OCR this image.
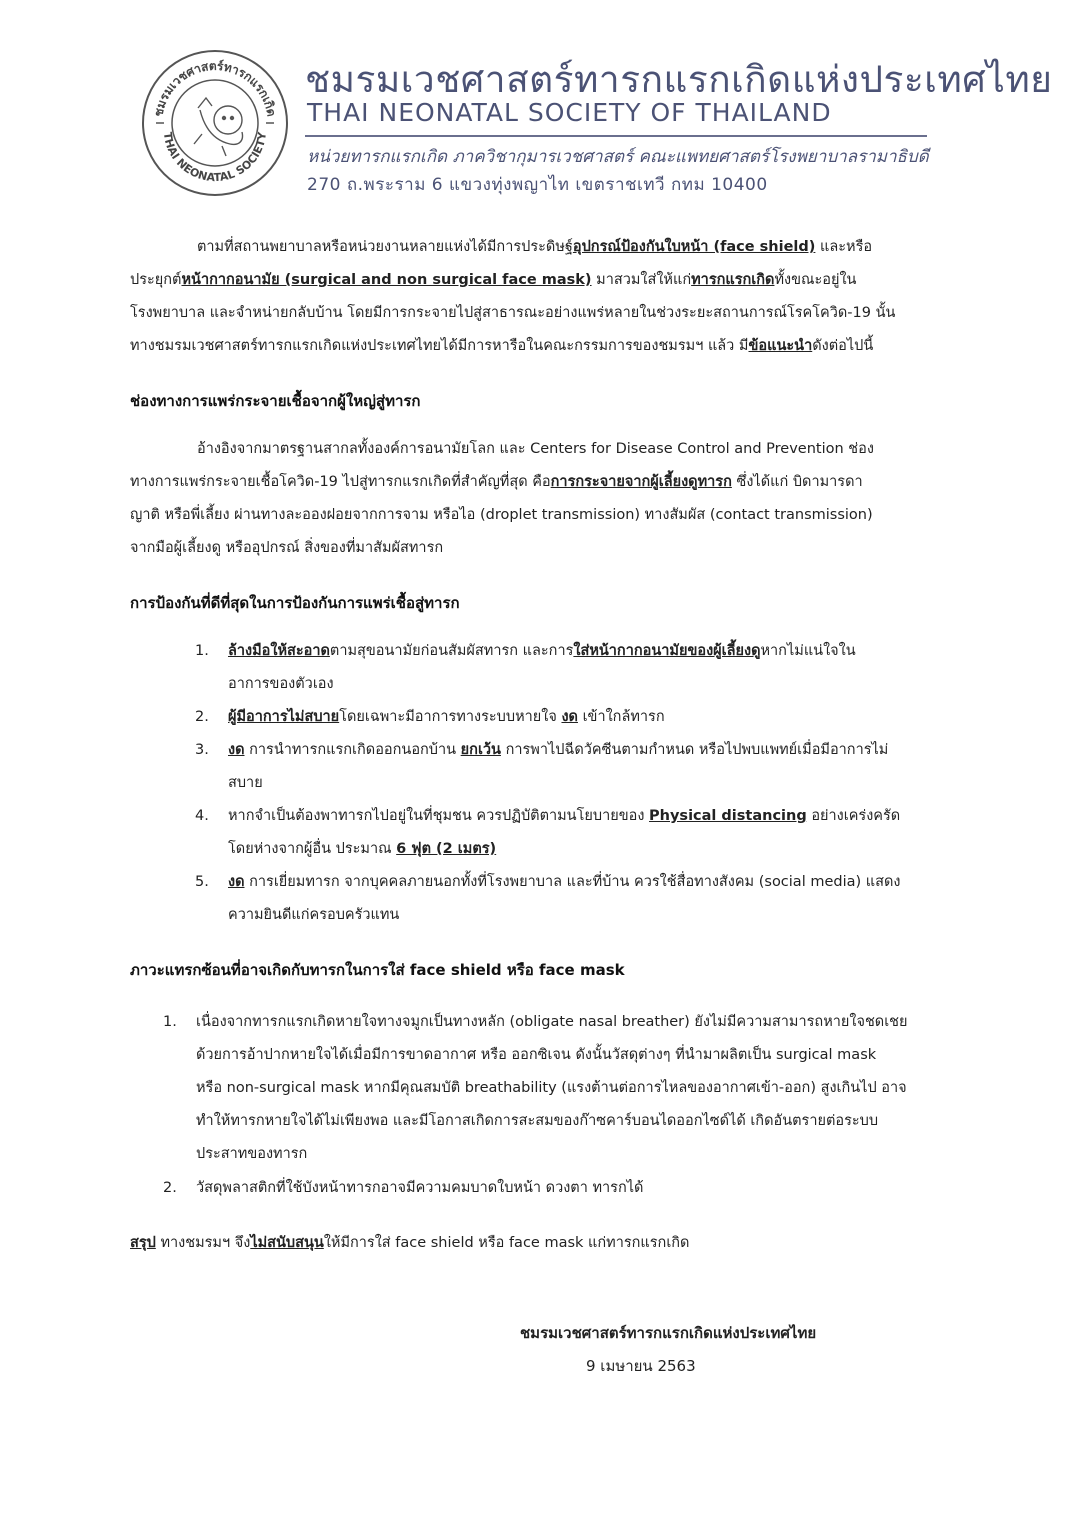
ชมรมเวชศาสตร์ทารกแรกเกิด
THAI NEONATAL SOCIETY
ชมรมเวชศาสตร์ทารกแรกเกิดแห่งประเทศไทย
THAI NEONATAL SOCIETY OF THAILAND
หน่วยทารกแรกเกิด ภาควิชากุมารเวชศาสตร์ คณะแพทยศาสตร์โรงพยาบาลรามาธิบดี
270 ถ.พระราม 6 แขวงทุ่งพญาไท เขตราชเทวี กทม 10400
ตามที่สถานพยาบาลหรือหน่วยงานหลายแห่งได้มีการประดิษฐ์อุปกรณ์ป้องกันใบหน้า (face shield) และหรือ
ประยุกต์หน้ากากอนามัย (surgical and non surgical face mask) มาสวมใส่ให้แก่ทารกแรกเกิดทั้งขณะอยู่ใน
โรงพยาบาล และจำหน่ายกลับบ้าน โดยมีการกระจายไปสู่สาธารณะอย่างแพร่หลายในช่วงระยะสถานการณ์โรคโควิด-19 นั้น
ทางชมรมเวชศาสตร์ทารกแรกเกิดแห่งประเทศไทยได้มีการหารือในคณะกรรมการของชมรมฯ แล้ว มีข้อแนะนำดังต่อไปนี้
ช่องทางการแพร่กระจายเชื้อจากผู้ใหญ่สู่ทารก
อ้างอิงจากมาตรฐานสากลทั้งองค์การอนามัยโลก และ Centers for Disease Control and Prevention ช่อง
ทางการแพร่กระจายเชื้อโควิด-19 ไปสู่ทารกแรกเกิดที่สำคัญที่สุด คือการกระจายจากผู้เลี้ยงดูทารก ซึ่งได้แก่ บิดามารดา
ญาติ หรือพี่เลี้ยง ผ่านทางละอองฝอยจากการจาม หรือไอ (droplet transmission) ทางสัมผัส (contact transmission)
จากมือผู้เลี้ยงดู หรืออุปกรณ์ สิ่งของที่มาสัมผัสทารก
การป้องกันที่ดีที่สุดในการป้องกันการแพร่เชื้อสู่ทารก
1. ล้างมือให้สะอาดตามสุขอนามัยก่อนสัมผัสทารก และการใส่หน้ากากอนามัยของผู้เลี้ยงดูหากไม่แน่ใจใน
อาการของตัวเอง
2. ผู้มีอาการไม่สบายโดยเฉพาะมีอาการทางระบบหายใจ งด เข้าใกล้ทารก
3. งด การนำทารกแรกเกิดออกนอกบ้าน ยกเว้น การพาไปฉีดวัคซีนตามกำหนด หรือไปพบแพทย์เมื่อมีอาการไม่
สบาย
4. หากจำเป็นต้องพาทารกไปอยู่ในที่ชุมชน ควรปฏิบัติตามนโยบายของ Physical distancing อย่างเคร่งครัด
โดยห่างจากผู้อื่น ประมาณ 6 ฟุต (2 เมตร)
5. งด การเยี่ยมทารก จากบุคคลภายนอกทั้งที่โรงพยาบาล และที่บ้าน ควรใช้สื่อทางสังคม (social media) แสดง
ความยินดีแก่ครอบครัวแทน
ภาวะแทรกซ้อนที่อาจเกิดกับทารกในการใส่ face shield หรือ face mask
1. เนื่องจากทารกแรกเกิดหายใจทางจมูกเป็นทางหลัก (obligate nasal breather) ยังไม่มีความสามารถหายใจชดเชย
ด้วยการอ้าปากหายใจได้เมื่อมีการขาดอากาศ หรือ ออกซิเจน ดังนั้นวัสดุต่างๆ ที่นำมาผลิตเป็น surgical mask
หรือ non-surgical mask หากมีคุณสมบัติ breathability (แรงต้านต่อการไหลของอากาศเข้า-ออก) สูงเกินไป อาจ
ทำให้ทารกหายใจได้ไม่เพียงพอ และมีโอกาสเกิดการสะสมของก๊าซคาร์บอนไดออกไซด์ได้ เกิดอันตรายต่อระบบ
ประสาทของทารก
2. วัสดุพลาสติกที่ใช้บังหน้าทารกอาจมีความคมบาดใบหน้า ดวงตา ทารกได้
สรุป ทางชมรมฯ จึงไม่สนับสนุนให้มีการใส่ face shield หรือ face mask แก่ทารกแรกเกิด
ชมรมเวชศาสตร์ทารกแรกเกิดแห่งประเทศไทย
9 เมษายน 2563
